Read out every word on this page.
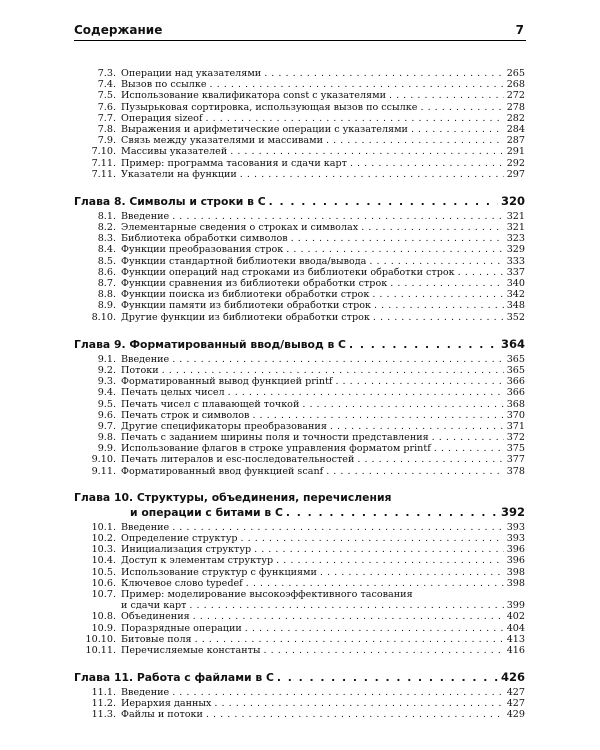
Содержание	7
7.3. Операции над указателями . . .	265
7.4. Вызов по ссылке . . .	268
7.5. Использование квалификатора const с указателями . . .	272
7.6. Пузырьковая сортировка, использующая вызов по ссылке . . .	278
7.7. Операция sizeof . . .	282
7.8. Выражения и арифметические операции с указателями . . .	284
7.9. Связь между указателями и массивами . . .	287
7.10. Массивы указателей . . .	291
7.11. Пример: программа тасования и сдачи карт . . .	292
7.11. Указатели на функции . . .	297
Глава 8. Символы и строки в С . . .	320
8.1. Введение . . .	321
8.2. Элементарные сведения о строках и символах . . .	321
8.3. Библиотека обработки символов . . .	323
8.4. Функции преобразования строк . . .	329
8.5. Функции стандартной библиотеки ввода/вывода . . .	333
8.6. Функции операций над строками из библиотеки обработки строк . . .	337
8.7. Функции сравнения из библиотеки обработки строк . . .	340
8.8. Функции поиска из библиотеки обработки строк . . .	342
8.9. Функции памяти из библиотеки обработки строк . . .	348
8.10. Другие функции из библиотеки обработки строк . . .	352
Глава 9. Форматированный ввод/вывод в С . . .	364
9.1. Введение . . .	365
9.2. Потоки . . .	365
9.3. Форматированный вывод функцией printf . . .	366
9.4. Печать целых чисел . . .	366
9.5. Печать чисел с плавающей точкой . . .	368
9.6. Печать строк и символов . . .	370
9.7. Другие спецификаторы преобразования . . .	371
9.8. Печать с заданием ширины поля и точности представления . . .	372
9.9. Использование флагов в строке управления форматом printf . . .	375
9.10. Печать литералов и esc-последовательностей . . .	377
9.11. Форматированный ввод функцией scanf . . .	378
Глава 10. Структуры, объединения, перечисления
и операции с битами в С . . .	392
10.1. Введение . . .	393
10.2. Определение структур . . .	393
10.3. Инициализация структур . . .	396
10.4. Доступ к элементам структур . . .	396
10.5. Использование структур с функциями . . .	398
10.6. Ключевое слово typedef . . .	398
10.7. Пример: моделирование высокоэффективного тасования
и сдачи карт . . .	399
10.8. Объединения . . .	402
10.9. Поразрядные операции . . .	404
10.10. Битовые поля . . .	413
10.11. Перечисляемые константы . . .	416
Глава 11. Работа с файлами в С . . .	426
11.1. Введение . . .	427
11.2. Иерархия данных . . .	427
11.3. Файлы и потоки . . .	429
